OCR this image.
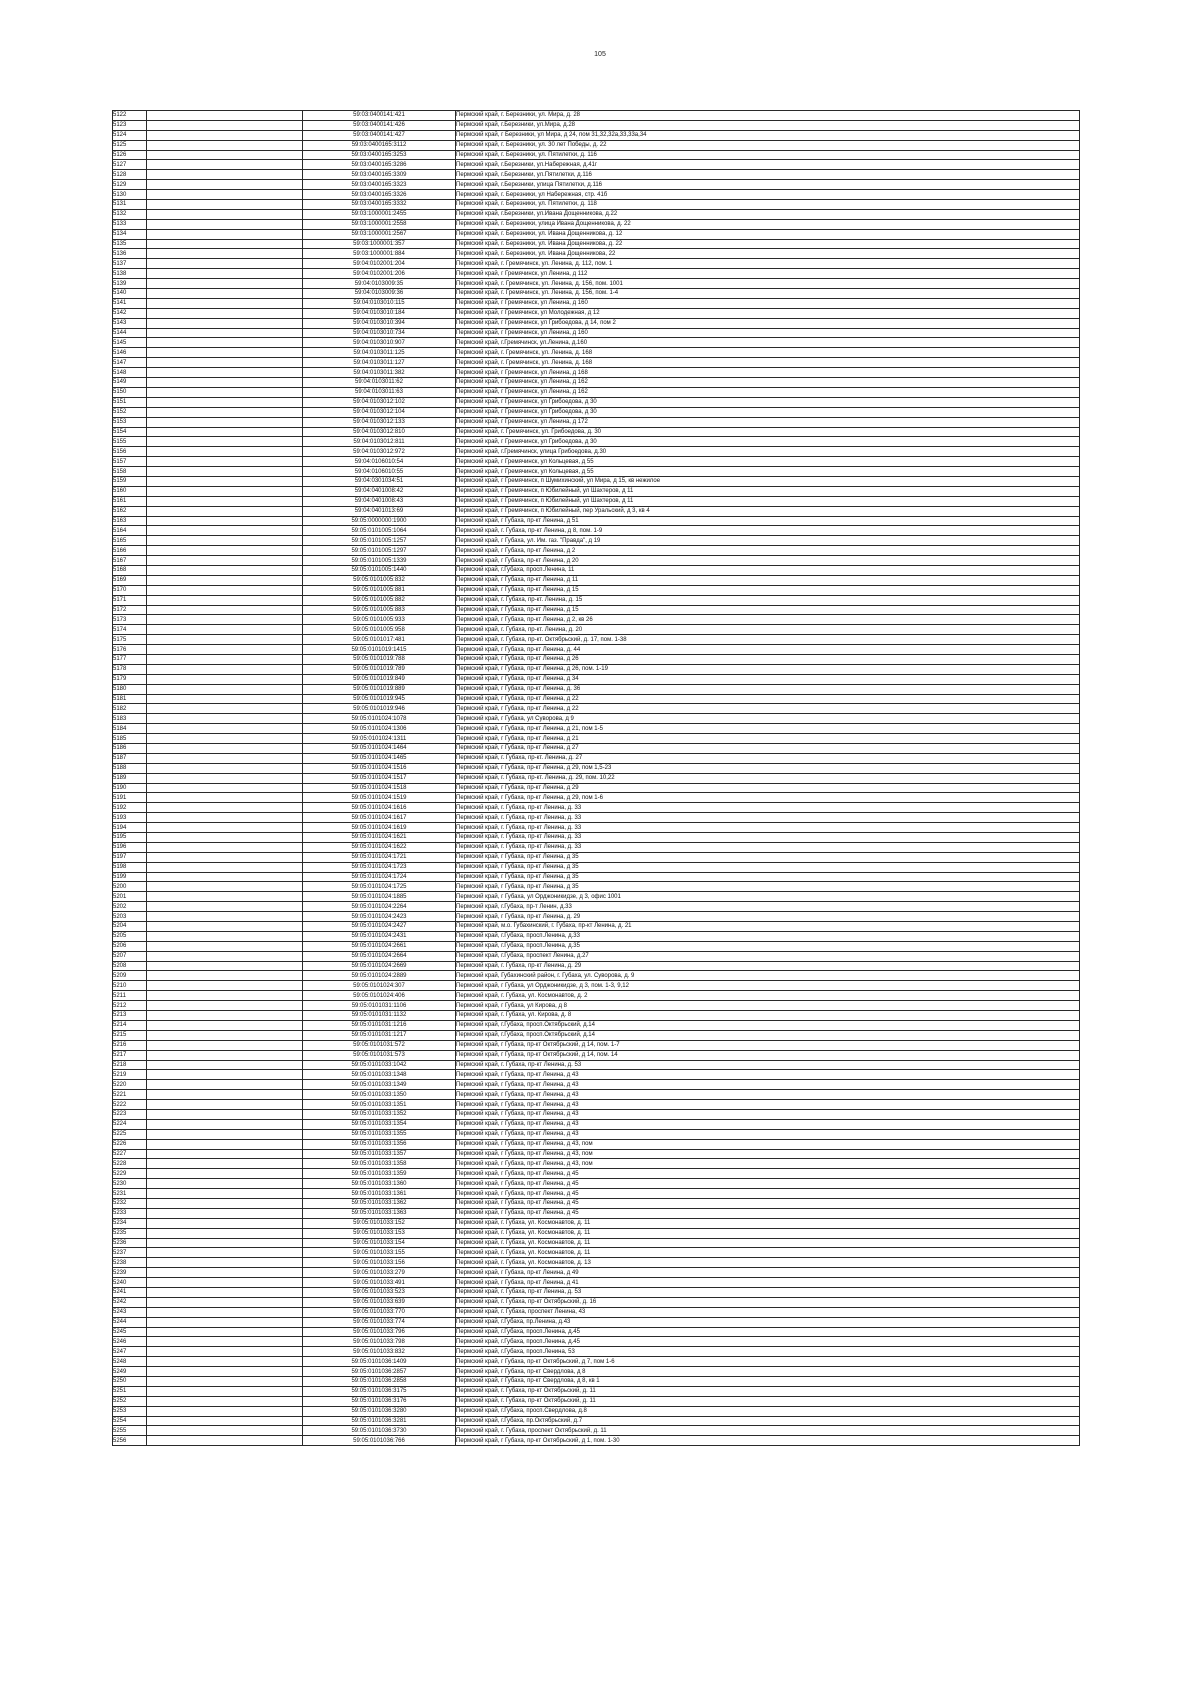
105
5122		59:03:0400141:421	Пермский край, г. Березники, ул. Мира, д. 28
5123		59:03:0400141:426	Пермский край, г.Березники, ул.Мира, д.28
5124		59:03:0400141:427	Пермский край, г Березники, ул Мира, д 24, пом 31,32,32а,33,33а,34
5125		59:03:0400165:3112	Пермский край, г. Березники, ул. 30 лет Победы, д. 22
5126		59:03:0400165:3253	Пермский край, г. Березники, ул. Пятилетки, д. 116
5127		59:03:0400165:3286	Пермский край, г.Березники, ул.Набережная, д.41г
5128		59:03:0400165:3309	Пермский край, г.Березники, ул.Пятилетки, д.116
5129		59:03:0400165:3323	Пермский край, г.Березники, улица Пятилетки, д.116
5130		59:03:0400165:3326	Пермский край, г. Березники, ул Набережная, стр. 41б
5131		59:03:0400165:3332	Пермский край, г. Березники, ул. Пятилетки, д. 118
5132		59:03:1000001:2455	Пермский край, г.Березники, ул.Ивана Дощенникова, д.22
5133		59:03:1000001:2558	Пермский край, г. Березники, улица Ивана Дощенникова, д. 22
5134		59:03:1000001:2567	Пермский край, г. Березники, ул. Ивана Дощенникова, д. 12
5135		59:03:1000001:357	Пермский край, г. Березники, ул. Ивана Дощенникова, д. 22
5136		59:03:1000001:884	Пермский край, г. Березники, ул. Ивана Дощенникова, 22
5137		59:04:0102001:204	Пермский край, г. Гремячинск, ул. Ленина, д. 112, пом. 1
5138		59:04:0102001:206	Пермский край, г Гремячинск, ул Ленина, д 112
5139		59:04:0103009:35	Пермский край, г. Гремячинск, ул. Ленина, д. 156, пом. 1001
5140		59:04:0103009:36	Пермский край, г. Гремячинск, ул. Ленина, д. 156, пом. 1-4
5141		59:04:0103010:115	Пермский край, г Гремячинск, ул Ленина, д 160
5142		59:04:0103010:184	Пермский край, г Гремячинск, ул Молодежная, д 12
5143		59:04:0103010:394	Пермский край, г Гремячинск, ул Грибоедова, д 14, пом 2
5144		59:04:0103010:734	Пермский край, г Гремячинск, ул Ленина, д 160
5145		59:04:0103010:907	Пермский край, г.Гремячинск, ул.Ленина, д.160
5146		59:04:0103011:125	Пермский край, г. Гремячинск, ул. Ленина, д. 168
5147		59:04:0103011:127	Пермский край, г. Гремячинск, ул. Ленина, д. 168
5148		59:04:0103011:382	Пермский край, г Гремячинск, ул Ленина, д 168
5149		59:04:0103011:62	Пермский край, г Гремячинск, ул Ленина, д 162
5150		59:04:0103011:63	Пермский край, г Гремячинск, ул Ленина, д 162
5151		59:04:0103012:102	Пермский край, г Гремячинск, ул Грибоедова, д 30
5152		59:04:0103012:104	Пермский край, г Гремячинск, ул Грибоедова, д 30
5153		59:04:0103012:133	Пермский край, г Гремячинск, ул Ленина, д 172
5154		59:04:0103012:810	Пермский край, г. Гремячинск, ул. Грибоедова, д. 30
5155		59:04:0103012:811	Пермский край, г Гремячинск, ул Грибоедова, д 30
5156		59:04:0103012:972	Пермский край, г.Гремячинск, улица Грибоедова, д.30
5157		59:04:0106010:54	Пермский край, г Гремячинск, ул Кольцевая, д 55
5158		59:04:0106010:55	Пермский край, г Гремячинск, ул Кольцевая, д 55
5159		59:04:0301034:51	Пермский край, г Гремячинск, п Шумихинский, ул Мира, д 15, кв нежилое
5160		59:04:0401008:42	Пермский край, г Гремячинск, п Юбилейный, ул Шахтеров, д 11
5161		59:04:0401008:43	Пермский край, г Гремячинск, п Юбилейный, ул Шахтеров, д 11
5162		59:04:0401013:69	Пермский край, г Гремячинск, п Юбилейный, пер Уральский, д 3, кв 4
5163		59:05:0000000:1900	Пермский край, г Губаха, пр-кт Ленина, д 51
5164		59:05:0101005:1064	Пермский край, г. Губаха, пр-кт Ленина, д 8, пом. 1-9
5165		59:05:0101005:1257	Пермский край, г Губаха, ул. Им. газ. "Правда", д 19
5166		59:05:0101005:1297	Пермский край, г Губаха, пр-кт Ленина, д 2
5167		59:05:0101005:1339	Пермский край, г Губаха, пр-кт Ленина, д 20
5168		59:05:0101005:1440	Пермский край, г.Губаха, просп.Ленина, 11
5169		59:05:0101005:832	Пермский край, г Губаха, пр-кт Ленина, д 11
5170		59:05:0101005:881	Пермский край, г Губаха, пр-кт Ленина, д 15
5171		59:05:0101005:882	Пермский край, г. Губаха, пр-кт. Ленина, д. 15
5172		59:05:0101005:883	Пермский край, г Губаха, пр-кт Ленина, д 15
5173		59:05:0101005:933	Пермский край, г Губаха, пр-кт Ленина, д 2, кв 26
5174		59:05:0101005:958	Пермский край, г. Губаха, пр-кт. Ленина, д. 20
5175		59:05:0101017:481	Пермский край, г. Губаха, пр-кт. Октябрьский, д. 17, пом. 1-38
5176		59:05:0101019:1415	Пермский край, г Губаха, пр-кт Ленина, д. 44
5177		59:05:0101019:788	Пермский край, г Губаха, пр-кт Ленина, д 26
5178		59:05:0101019:789	Пермский край, г Губаха, пр-кт Ленина, д 26, пом. 1-19
5179		59:05:0101019:849	Пермский край, г Губаха, пр-кт Ленина, д 34
5180		59:05:0101019:889	Пермский край, г Губаха, пр-кт Ленина, д. 36
5181		59:05:0101019:945	Пермский край, г Губаха, пр-кт Ленина, д 22
5182		59:05:0101019:946	Пермский край, г Губаха, пр-кт Ленина, д 22
5183		59:05:0101024:1078	Пермский край, г Губаха, ул Суворова, д 9
5184		59:05:0101024:1306	Пермский край, г Губаха, пр-кт Ленина, д 21, пом 1-5
5185		59:05:0101024:1311	Пермский край, г Губаха, пр-кт Ленина, д 21
5186		59:05:0101024:1464	Пермский край, г Губаха, пр-кт Ленина, д 27
5187		59:05:0101024:1465	Пермский край, г. Губаха, пр-кт. Ленина, д. 27
5188		59:05:0101024:1516	Пермский край, г Губаха, пр-кт Ленина, д 29, пом 1,5-23
5189		59:05:0101024:1517	Пермский край, г. Губаха, пр-кт. Ленина, д. 29, пом. 10,22
5190		59:05:0101024:1518	Пермский край, г Губаха, пр-кт Ленина, д 29
5191		59:05:0101024:1519	Пермский край, г Губаха, пр-кт Ленина, д 29, пом 1-6
5192		59:05:0101024:1616	Пермский край, г. Губаха, пр-кт Ленина, д. 33
5193		59:05:0101024:1617	Пермский край, г. Губаха, пр-кт Ленина, д. 33
5194		59:05:0101024:1619	Пермский край, г. Губаха, пр-кт Ленина, д. 33
5195		59:05:0101024:1621	Пермский край, г. Губаха, пр-кт Ленина, д. 33
5196		59:05:0101024:1622	Пермский край, г. Губаха, пр-кт Ленина, д. 33
5197		59:05:0101024:1721	Пермский край, г Губаха, пр-кт Ленина, д 35
5198		59:05:0101024:1723	Пермский край, г Губаха, пр-кт Ленина, д 35
5199		59:05:0101024:1724	Пермский край, г Губаха, пр-кт Ленина, д 35
5200		59:05:0101024:1725	Пермский край, г Губаха, пр-кт Ленина, д 35
5201		59:05:0101024:1885	Пермский край, г Губаха, ул Орджоникидзе, д 3, офис 1001
5202		59:05:0101024:2264	Пермский край, г.Губаха, пр-т Ленин, д.33
5203		59:05:0101024:2423	Пермский край, г Губаха, пр-кт Ленина, д. 29
5204		59:05:0101024:2427	Пермский край, м.о. Губахинский, г. Губаха, пр-кт Ленина, д. 21
5205		59:05:0101024:2431	Пермский край, г.Губаха, просп.Ленина, д.33
5206		59:05:0101024:2661	Пермский край, г.Губаха, просп.Ленина, д.35
5207		59:05:0101024:2664	Пермский край, г.Губаха, проспект Ленина, д.27
5208		59:05:0101024:2669	Пермский край, г. Губаха, пр-кт Ленина, д. 29
5209		59:05:0101024:2889	Пермский край, Губахинский район, г. Губаха, ул. Суворова, д. 9
5210		59:05:0101024:307	Пермский край, г Губаха, ул Орджоникидзе, д 3, пом. 1-3, 9,12
5211		59:05:0101024:406	Пермский край, г. Губаха, ул. Космонавтов, д. 2
5212		59:05:0101031:1106	Пермский край, г Губаха, ул Кирова, д 8
5213		59:05:0101031:1132	Пермский край, г. Губаха, ул. Кирова, д. 8
5214		59:05:0101031:1216	Пермский край, г.Губаха, просп.Октябрьский, д.14
5215		59:05:0101031:1217	Пермский край, г.Губаха, просп.Октябрьский, д.14
5216		59:05:0101031:572	Пермский край, г Губаха, пр-кт Октябрьский, д 14, пом. 1-7
5217		59:05:0101031:573	Пермский край, г Губаха, пр-кт Октябрьский, д 14, пом. 14
5218		59:05:0101033:1042	Пермский край, г. Губаха, пр-кт Ленина, д. 53
5219		59:05:0101033:1348	Пермский край, г Губаха, пр-кт Ленина, д 43
5220		59:05:0101033:1349	Пермский край, г Губаха, пр-кт Ленина, д 43
5221		59:05:0101033:1350	Пермский край, г Губаха, пр-кт Ленина, д 43
5222		59:05:0101033:1351	Пермский край, г Губаха, пр-кт Ленина, д 43
5223		59:05:0101033:1352	Пермский край, г Губаха, пр-кт Ленина, д 43
5224		59:05:0101033:1354	Пермский край, г Губаха, пр-кт Ленина, д 43
5225		59:05:0101033:1355	Пермский край, г Губаха, пр-кт Ленина, д 43
5226		59:05:0101033:1356	Пермский край, г Губаха, пр-кт Ленина, д 43, пом
5227		59:05:0101033:1357	Пермский край, г Губаха, пр-кт Ленина, д 43, пом
5228		59:05:0101033:1358	Пермский край, г Губаха, пр-кт Ленина, д 43, пом
5229		59:05:0101033:1359	Пермский край, г Губаха, пр-кт Ленина, д 45
5230		59:05:0101033:1360	Пермский край, г Губаха, пр-кт Ленина, д 45
5231		59:05:0101033:1361	Пермский край, г Губаха, пр-кт Ленина, д 45
5232		59:05:0101033:1362	Пермский край, г Губаха, пр-кт Ленина, д 45
5233		59:05:0101033:1363	Пермский край, г Губаха, пр-кт Ленина, д 45
5234		59:05:0101033:152	Пермский край, г. Губаха, ул. Космонавтов, д. 11
5235		59:05:0101033:153	Пермский край, г. Губаха, ул. Космонавтов, д. 11
5236		59:05:0101033:154	Пермский край, г. Губаха, ул. Космонавтов, д. 11
5237		59:05:0101033:155	Пермский край, г. Губаха, ул. Космонавтов, д. 11
5238		59:05:0101033:156	Пермский край, г. Губаха, ул. Космонавтов, д. 13
5239		59:05:0101033:279	Пермский край, г Губаха, пр-кт Ленина, д 49
5240		59:05:0101033:491	Пермский край, г Губаха, пр-кт Ленина, д 41
5241		59:05:0101033:523	Пермский край, г. Губаха, пр-кт Ленина, д. 53
5242		59:05:0101033:639	Пермский край, г. Губаха, пр-кт Октябрьский, д. 16
5243		59:05:0101033:770	Пермский край, г. Губаха, проспект Ленина, 43
5244		59:05:0101033:774	Пермский край, г.Губаха, пр.Ленина, д.43
5245		59:05:0101033:796	Пермский край, г.Губаха, просп.Ленина, д.45
5246		59:05:0101033:798	Пермский край, г.Губаха, просп.Ленина, д.45
5247		59:05:0101033:832	Пермский край, г.Губаха, просп.Ленина, 53
5248		59:05:0101036:1409	Пермский край, г Губаха, пр-кт Октябрьский, д 7, пом 1-6
5249		59:05:0101036:2857	Пермский край, г Губаха, пр-кт Свердлова, д 8
5250		59:05:0101036:2858	Пермский край, г Губаха, пр-кт Свердлова, д 8, кв 1
5251		59:05:0101036:3175	Пермский край, г. Губаха, пр-кт Октябрьский, д. 11
5252		59:05:0101036:3176	Пермский край, г. Губаха, пр-кт Октябрьский, д. 11
5253		59:05:0101036:3280	Пермский край, г.Губаха, просп.Свердлова, д.8
5254		59:05:0101036:3281	Пермский край, г.Губаха, пр.Октябрьский, д.7
5255		59:05:0101036:3730	Пермский край, г. Губаха, проспект Октябрьский, д. 11
5256		59:05:0101036:766	Пермский край, г Губаха, пр-кт Октябрьский, д 1, пом. 1-30
